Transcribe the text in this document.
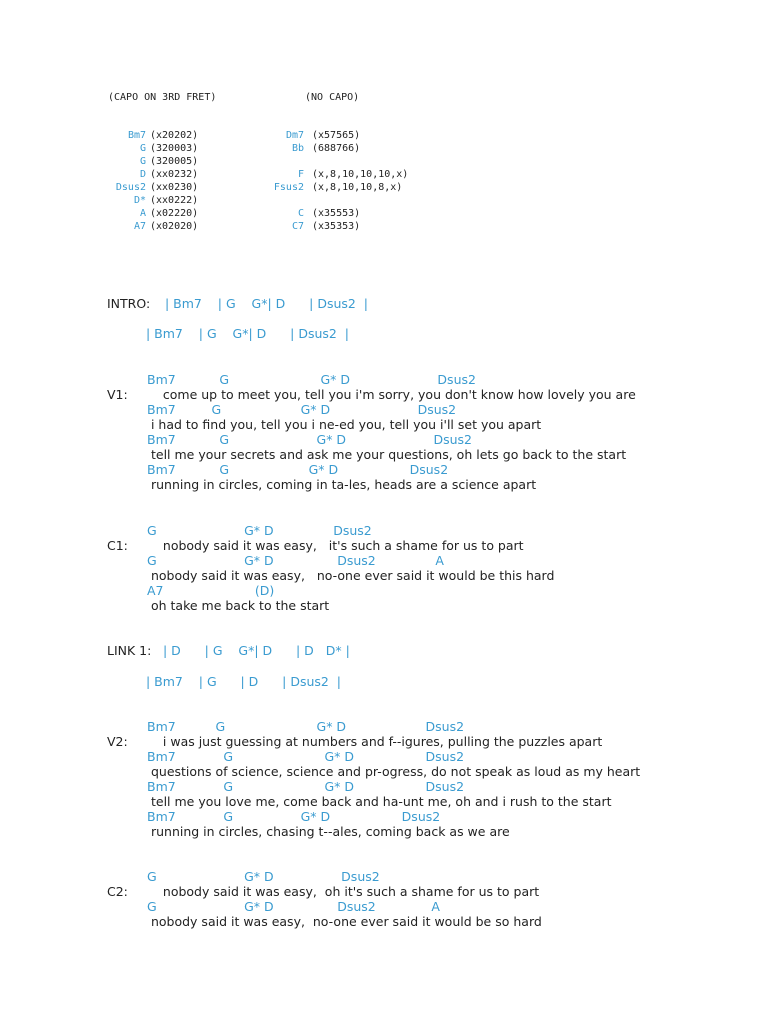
(CAPO ON 3RD FRET)	(NO CAPO)
Bm7 (x20202)
G (320003)
G (320005)
D (xx0232)
Dsus2 (xx0230)
D* (xx0222)
A (x02220)
A7 (x02020)
Dm7 (x57565)
Bb (688766)
F (x,8,10,10,10,x)
Fsus2 (x,8,10,10,8,x)
C (x35553)
C7 (x35353)
INTRO: | Bm7    | G    G*| D      | Dsus2  |
| Bm7    | G    G*| D      | Dsus2  |
V1:
Bm7           G                       G* D                      Dsus2
come up to meet you, tell you i'm sorry, you don't know how lovely you are
Bm7         G                    G* D                      Dsus2
i had to find you, tell you i ne-ed you, tell you i'll set you apart
Bm7           G                      G* D                      Dsus2
tell me your secrets and ask me your questions, oh lets go back to the start
Bm7           G                    G* D                  Dsus2
running in circles, coming in ta-les, heads are a science apart
C1:
G                      G* D               Dsus2
nobody said it was easy,   it's such a shame for us to part
G                      G* D                Dsus2               A
nobody said it was easy,   no-one ever said it would be this hard
A7                       (D)
oh take me back to the start
LINK 1: | D      | G    G*| D      | D   D* |
| Bm7    | G      | D      | Dsus2  |
V2:
Bm7          G                       G* D                    Dsus2
i was just guessing at numbers and f--igures, pulling the puzzles apart
Bm7            G                       G* D                  Dsus2
questions of science, science and pr-ogress, do not speak as loud as my heart
Bm7            G                       G* D                  Dsus2
tell me you love me, come back and ha-unt me, oh and i rush to the start
Bm7            G                 G* D                  Dsus2
running in circles, chasing t--ales, coming back as we are
C2:
G                      G* D                 Dsus2
nobody said it was easy,  oh it's such a shame for us to part
G                      G* D                Dsus2              A
nobody said it was easy,  no-one ever said it would be so hard
